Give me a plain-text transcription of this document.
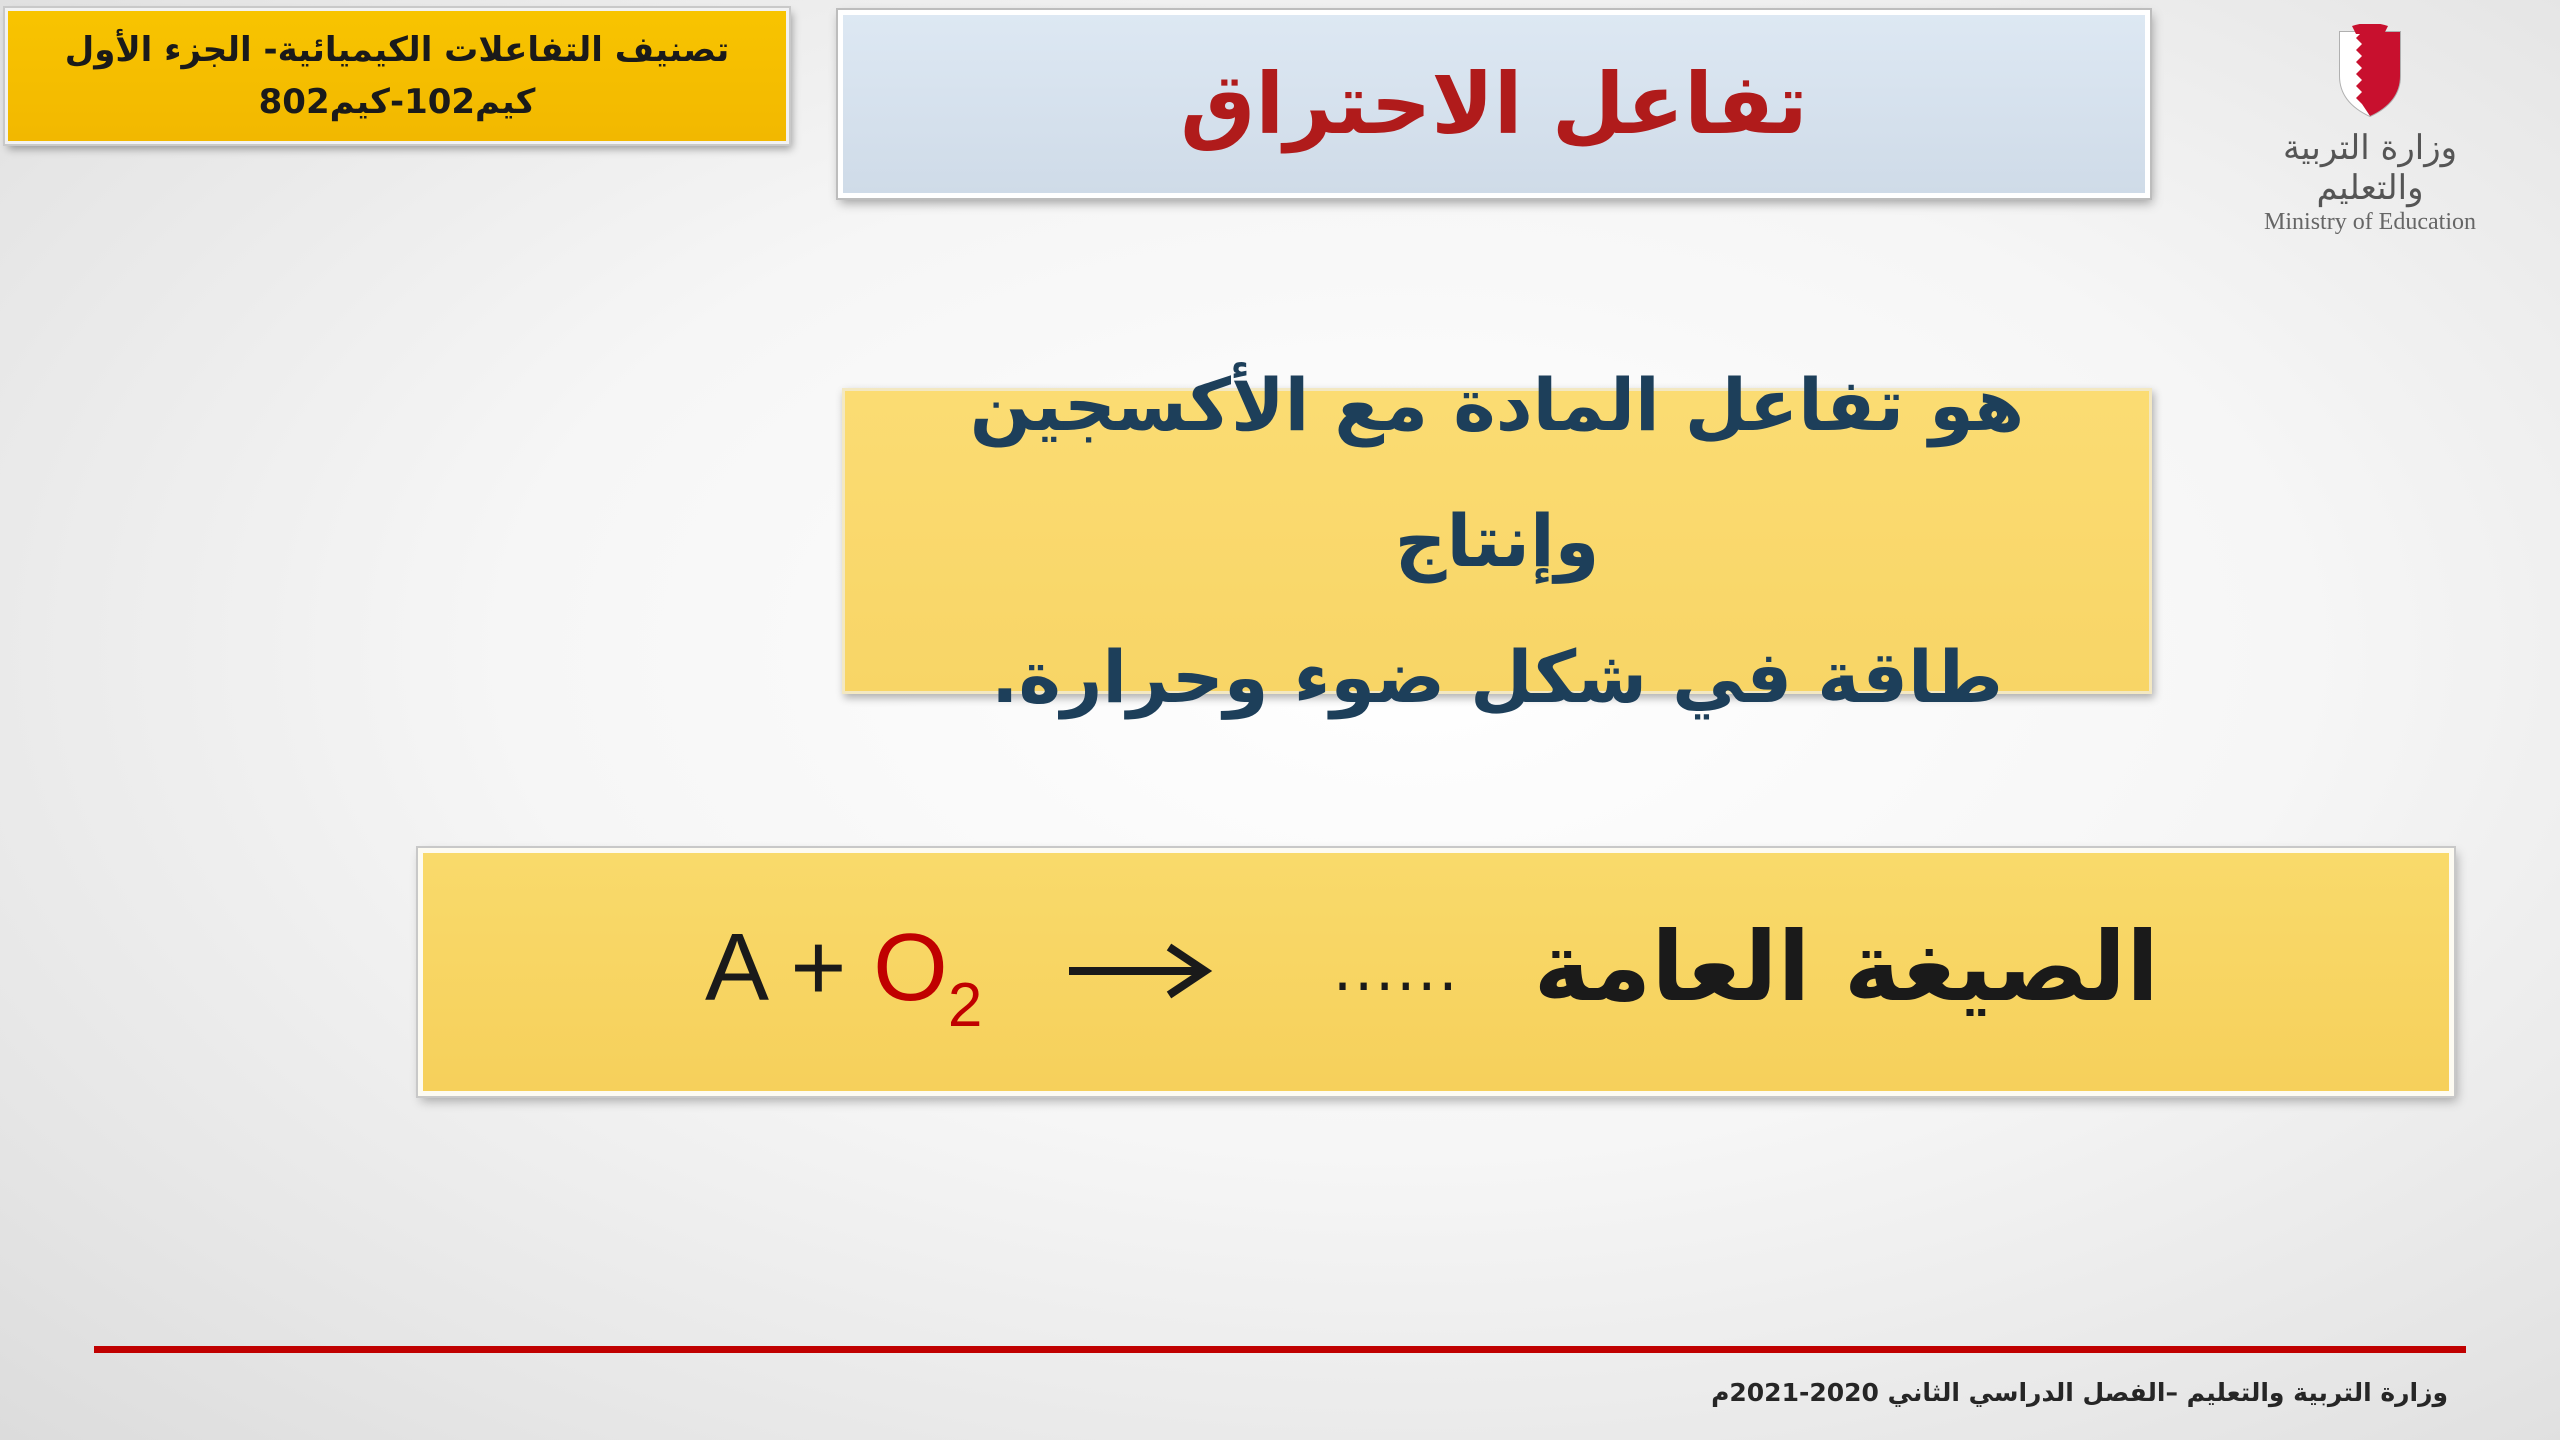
تصنيف التفاعلات الكيميائية- الجزء الأول
كيم102-كيم802	تفاعل الاحتراق	وزارة التربية والتعليم
Ministry of Education
هو تفاعل المادة مع الأكسجين وإنتاج
طاقة في شكل ضوء وحرارة.
الصيغة العامة
......
$A + O_2$
وزارة التربية والتعليم –الفصل الدراسي الثاني 2020-2021م
